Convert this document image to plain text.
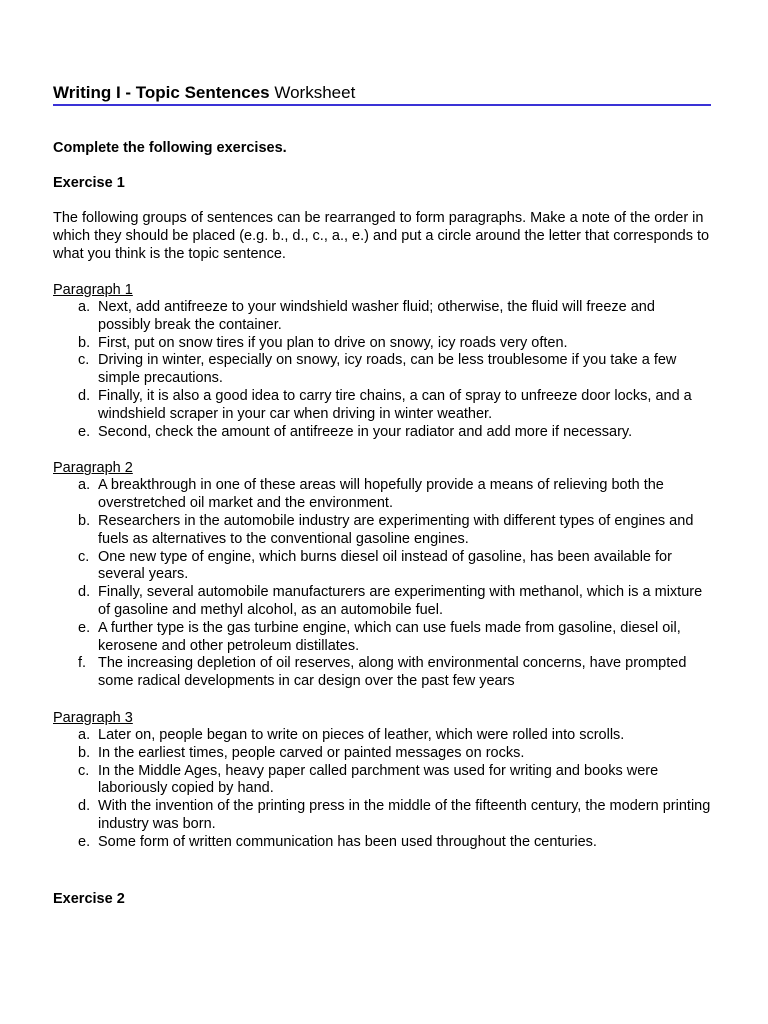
Writing I - Topic Sentences Worksheet
Complete the following exercises.
Exercise 1
The following groups of sentences can be rearranged to form paragraphs. Make a note of the order in which they should be placed (e.g. b., d., c., a., e.) and put a circle around the letter that corresponds to what you think is the topic sentence.
Paragraph 1
a. Next, add antifreeze to your windshield washer fluid; otherwise, the fluid will freeze and possibly break the container.
b. First, put on snow tires if you plan to drive on snowy, icy roads very often.
c. Driving in winter, especially on snowy, icy roads, can be less troublesome if you take a few simple precautions.
d. Finally, it is also a good idea to carry tire chains, a can of spray to unfreeze door locks, and a windshield scraper in your car when driving in winter weather.
e. Second, check the amount of antifreeze in your radiator and add more if necessary.
Paragraph 2
a. A breakthrough in one of these areas will hopefully provide a means of relieving both the overstretched oil market and the environment.
b. Researchers in the automobile industry are experimenting with different types of engines and fuels as alternatives to the conventional gasoline engines.
c. One new type of engine, which burns diesel oil instead of gasoline, has been available for several years.
d. Finally, several automobile manufacturers are experimenting with methanol, which is a mixture of gasoline and methyl alcohol, as an automobile fuel.
e. A further type is the gas turbine engine, which can use fuels made from gasoline, diesel oil, kerosene and other petroleum distillates.
f. The increasing depletion of oil reserves, along with environmental concerns, have prompted some radical developments in car design over the past few years
Paragraph 3
a. Later on, people began to write on pieces of leather, which were rolled into scrolls.
b. In the earliest times, people carved or painted messages on rocks.
c. In the Middle Ages, heavy paper called parchment was used for writing and books were laboriously copied by hand.
d. With the invention of the printing press in the middle of the fifteenth century, the modern printing industry was born.
e. Some form of written communication has been used throughout the centuries.
Exercise 2
